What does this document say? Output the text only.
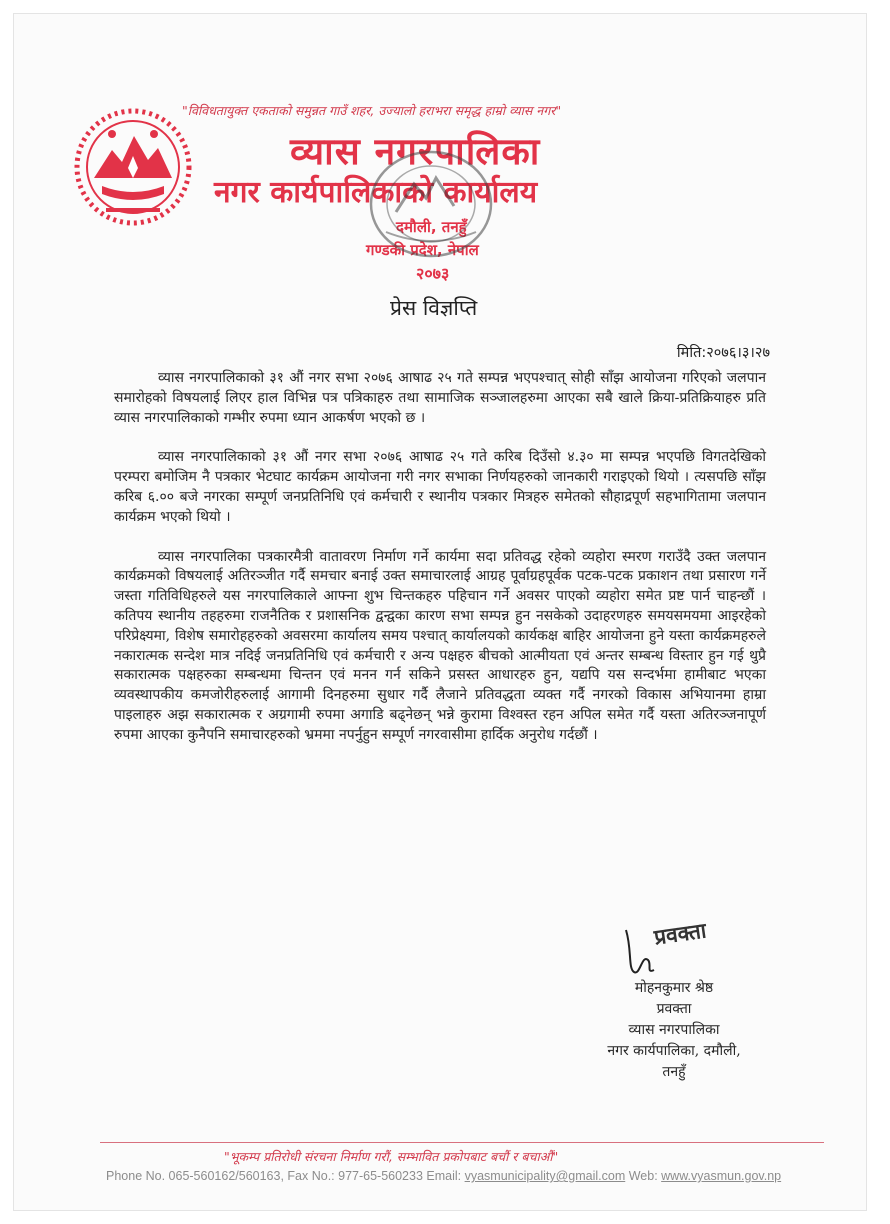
"विविधतायुक्त एकताको समुन्नत गाउँ शहर, उज्यालो हराभरा समृद्ध हाम्रो व्यास नगर"
व्यास नगरपालिका
नगर कार्यपालिकाको कार्यालय
दमौली, तनहुँ
गण्डकी प्रदेश, नेपाल
२०७३
प्रेस विज्ञप्ति
मिति:२०७६।३।२७

व्यास नगरपालिकाको ३१ औं नगर सभा २०७६ आषाढ २५ गते सम्पन्न भएपश्चात् सोही साँझ आयोजना गरिएको जलपान समारोहको विषयलाई लिएर हाल विभिन्न पत्र पत्रिकाहरु तथा सामाजिक सञ्जालहरुमा आएका सबै खाले क्रिया-प्रतिक्रियाहरु प्रति व्यास नगरपालिकाको गम्भीर रुपमा ध्यान आकर्षण भएको छ ।

व्यास नगरपालिकाको ३१ औं नगर सभा २०७६ आषाढ २५ गते करिब दिउँसो ४.३० मा सम्पन्न भएपछि विगतदेखिको परम्परा बमोजिम नै पत्रकार भेटघाट कार्यक्रम आयोजना गरी नगर सभाका निर्णयहरुको जानकारी गराइएको थियो । त्यसपछि साँझ करिब ६.०० बजे नगरका सम्पूर्ण जनप्रतिनिधि एवं कर्मचारी र स्थानीय पत्रकार मित्रहरु समेतको सौहाद्रपूर्ण सहभागितामा जलपान कार्यक्रम भएको थियो ।

व्यास नगरपालिका पत्रकारमैत्री वातावरण निर्माण गर्ने कार्यमा सदा प्रतिवद्ध रहेको व्यहोरा स्मरण गराउँदै उक्त जलपान कार्यक्रमको विषयलाई अतिरञ्जीत गर्दै समचार बनाई उक्त समाचारलाई आग्रह पूर्वाग्रहपूर्वक पटक-पटक प्रकाशन तथा प्रसारण गर्ने जस्ता गतिविधिहरुले यस नगरपालिकाले आफ्ना शुभ चिन्तकहरु पहिचान गर्ने अवसर पाएको व्यहोरा समेत प्रष्ट पार्न चाहन्छौं । कतिपय स्थानीय तहहरुमा राजनैतिक र प्रशासनिक द्वन्द्वका कारण सभा सम्पन्न हुन नसकेको उदाहरणहरु समयसमयमा आइरहेको परिप्रेक्ष्यमा, विशेष समारोहहरुको अवसरमा कार्यालय समय पश्चात् कार्यालयको कार्यकक्ष बाहिर आयोजना हुने यस्ता कार्यक्रमहरुले नकारात्मक सन्देश मात्र नदिई जनप्रतिनिधि एवं कर्मचारी र अन्य पक्षहरु बीचको आत्मीयता एवं अन्तर सम्बन्ध विस्तार हुन गई थुप्रै सकारात्मक पक्षहरुका सम्बन्धमा चिन्तन एवं मनन गर्न सकिने प्रसस्त आधारहरु हुन, यद्यपि यस सन्दर्भमा हामीबाट भएका व्यवस्थापकीय कमजोरीहरुलाई आगामी दिनहरुमा सुधार गर्दै लैजाने प्रतिवद्धता व्यक्त गर्दै नगरको विकास अभियानमा हाम्रा पाइलाहरु अझ सकारात्मक र अग्रगामी रुपमा अगाडि बढ्नेछन् भन्ने कुरामा विश्वस्त रहन अपिल समेत गर्दै यस्ता अतिरञ्जनापूर्ण रुपमा आएका कुनैपनि समाचारहरुको भ्रममा नपर्नुहुन सम्पूर्ण नगरवासीमा हार्दिक अनुरोध गर्दछौं ।

प्रवक्ता
मोहनकुमार श्रेष्ठ
प्रवक्ता
व्यास नगरपालिका
नगर कार्यपालिका, दमौली,
तनहुँ
"भूकम्प प्रतिरोधी संरचना निर्माण गरौं, सम्भावित प्रकोपबाट बचौं र बचाऔं"
Phone No. 065-560162/560163, Fax No.: 977-65-560233 Email: vyasmunicipality@gmail.com Web: www.vyasmun.gov.np
